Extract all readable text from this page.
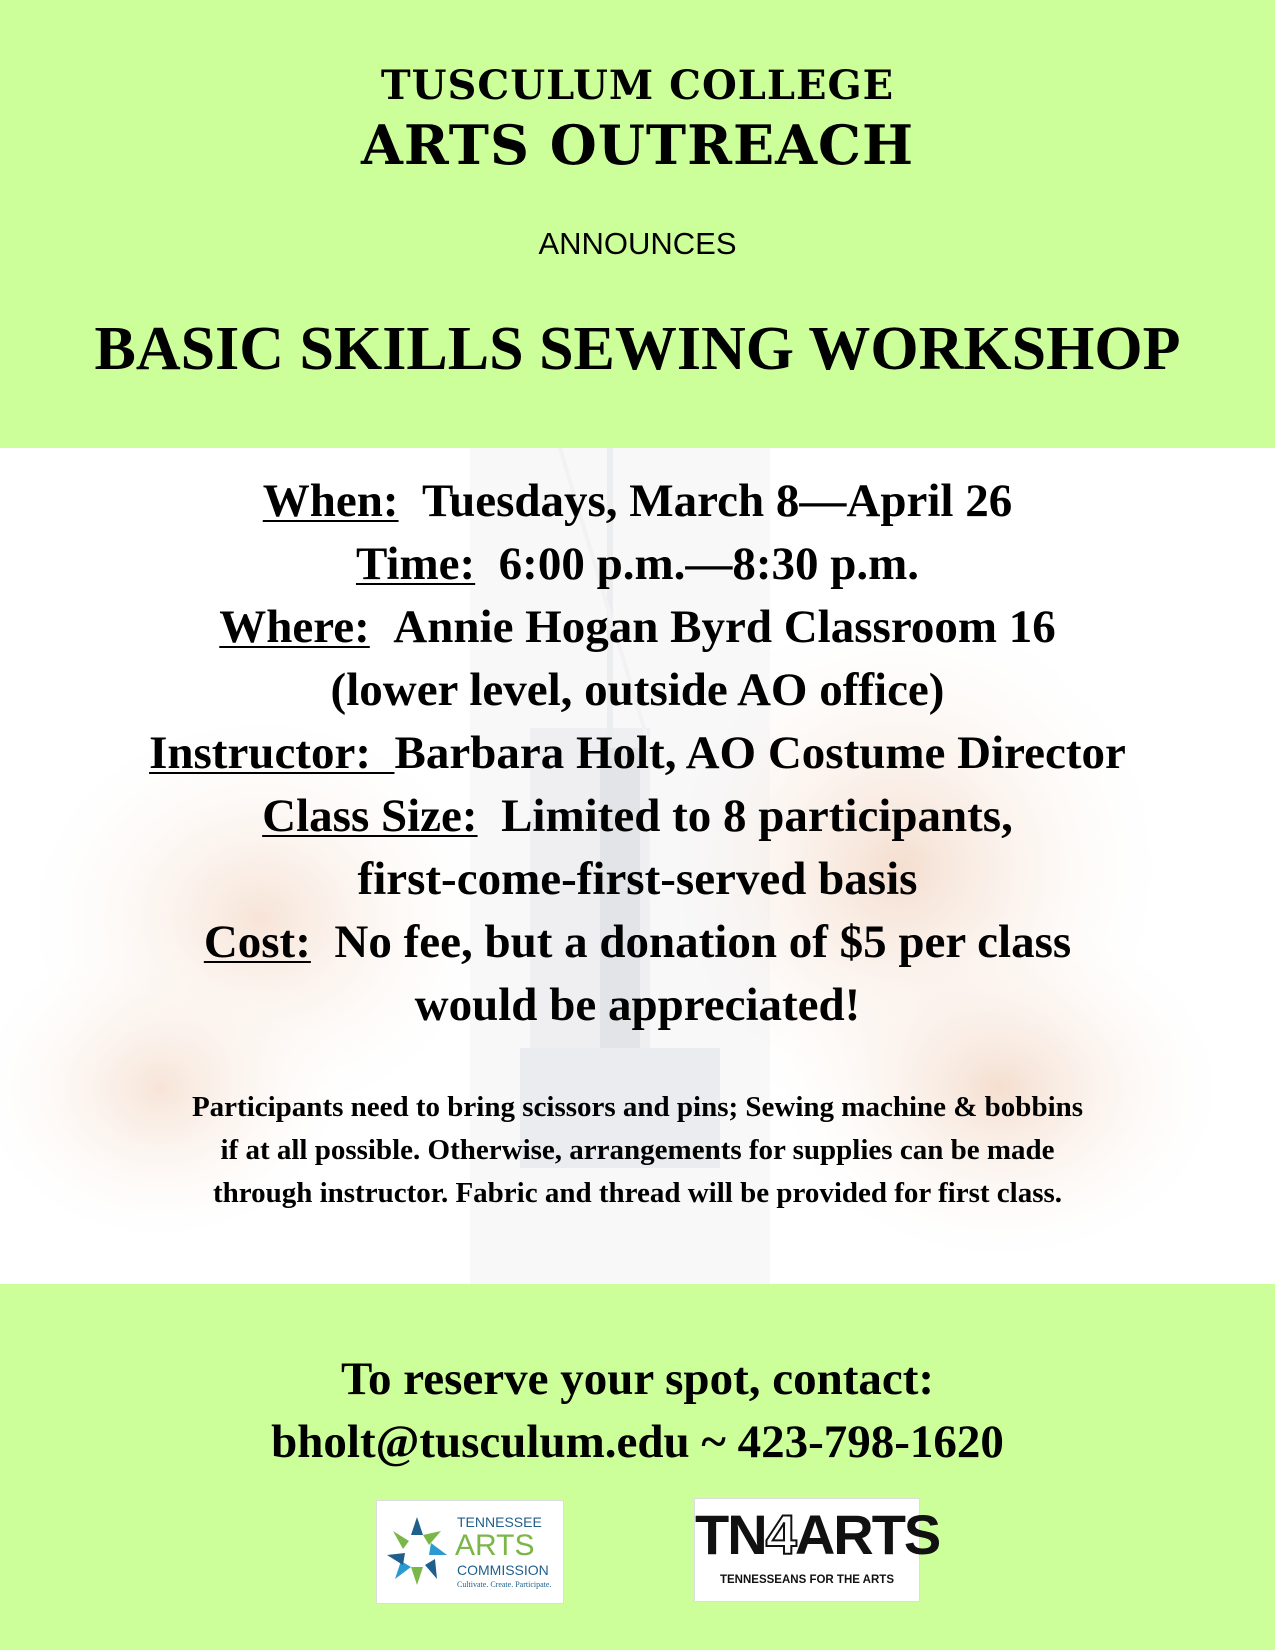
TUSCULUM COLLEGE
ARTS OUTREACH
ANNOUNCES
BASIC SKILLS SEWING WORKSHOP
When: Tuesdays, March 8—April 26
Time: 6:00 p.m.—8:30 p.m.
Where: Annie Hogan Byrd Classroom 16
(lower level, outside AO office)
Instructor: Barbara Holt, AO Costume Director
Class Size: Limited to 8 participants,
first-come-first-served basis
Cost: No fee, but a donation of $5 per class
would be appreciated!
Participants need to bring scissors and pins; Sewing machine & bobbins
if at all possible. Otherwise, arrangements for supplies can be made
through instructor. Fabric and thread will be provided for first class.
To reserve your spot, contact:
bholt@tusculum.edu ~ 423-798-1620
TENNESSEE
ARTS
COMMISSION
Cultivate. Create. Participate.
TN4ARTS
TENNESSEANS FOR THE ARTS
